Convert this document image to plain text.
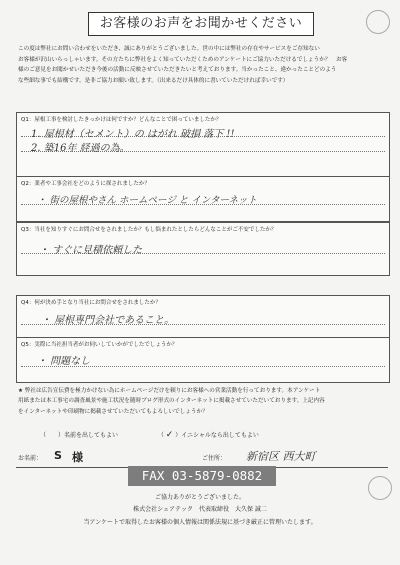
お客様のお声をお聞かせください
この度は弊社にお問い合わせをいただき、誠にありがとうございました。世の中には弊社の存在やサービスをご存知ない
お客様が沢山いらっしゃいます。その方たちに弊社をよく知っていただくためのアンケートにご協力いただけるでしょうか？　お客
様のご意見をお聞かせいただき今後の活動に反映させていただきたいと考えております。当かったこと、違かったことどのよう
な些細な事でも結構です。是非ご協力お願い致します。（出来るだけ具体的に書いていただければ幸いです）
Q1：屋根工事を検討したきっかけは何ですか？どんなことで困っていましたか？
1. 屋根材（セメント）の はがれ 破損 落下 !!
2. 築16年 経過の為。
Q2：業者や工事会社をどのように探されましたか？
・ 街の屋根やさん ホームページ と インターネット
Q3：当社を知りすぐにお問合せをされましたか？もし悩まれたとしたらどんなことがご不安でしたか？
・ すぐに見積依頼した
Q4：何が決め手となり当社にお問合せをされましたか？
・ 屋根専門会社であること。
Q5：実際に当社担当者がお伺いしていかがでしたでしょうか？
・ 問題なし
★ 弊社は広告宣伝費を極力かけない為にホームページだけを頼りにお客様への営業活動を行っております。本アンケート
用紙または本工事宅の調査風景や施工状況を随時ブログ形式のインターネットに掲載させていただいております。上記内容
をインターネットや印刷物に掲載させていただいてもよろしいでしょうか？
（　　）名前を出してもよい	（ ✓ ）イニシャルなら出してもよい
お名前： S 様	ご住所： 新宿区 西大町
FAX 03-5879-0882
ご協力ありがとうございました。
株式会社シェアテック　代表取締役　大久保 誠二
当アンケートで取得したお客様の個人情報は関係法規に基づき厳正に管理いたします。
